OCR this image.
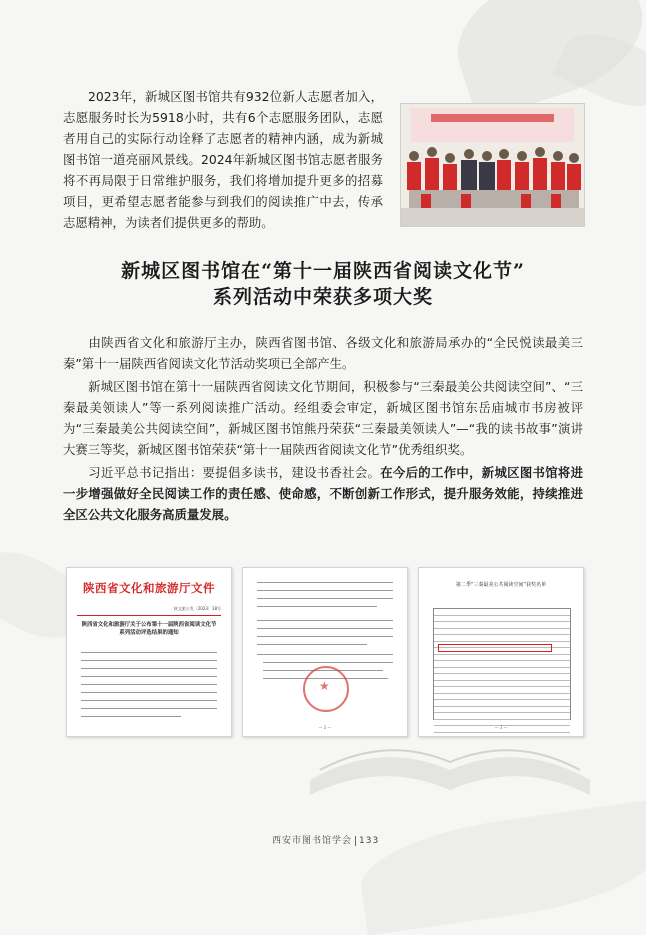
2023年，新城区图书馆共有932位新人志愿者加入，志愿服务时长为5918小时，共有6个志愿服务团队，志愿者用自己的实际行动诠释了志愿者的精神内涵，成为新城图书馆一道亮丽风景线。2024年新城区图书馆志愿者服务将不再局限于日常维护服务，我们将增加提升更多的招募项目，更希望志愿者能参与到我们的阅读推广中去，传承志愿精神，为读者们提供更多的帮助。

新城区图书馆在“第十一届陕西省阅读文化节”
系列活动中荣获多项大奖

由陕西省文化和旅游厅主办，陕西省图书馆、各级文化和旅游局承办的“全民悦读最美三秦”第十一届陕西省阅读文化节活动奖项已全部产生。

新城区图书馆在第十一届陕西省阅读文化节期间，积极参与“三秦最美公共阅读空间”、“三秦最美领读人”等一系列阅读推广活动。经组委会审定，新城区图书馆东岳庙城市书房被评为“三秦最美公共阅读空间”，新城区图书馆熊丹荣获“三秦最美领读人”—“我的读书故事”演讲大赛三等奖，新城区图书馆荣获“第十一届陕西省阅读文化节”优秀组织奖。

习近平总书记指出：要提倡多读书，建设书香社会。在今后的工作中，新城区图书馆将进一步增强做好全民阅读工作的责任感、使命感，不断创新工作形式，提升服务效能，持续推进全区公共文化服务高质量发展。

陕西省文化和旅游厅文件
陕文旅公发〔2023〕18号
陕西省文化和旅游厅关于公布第十一届陕西省阅读文化节系列活动评选结果的通知
★
— 2 —
第二季“三秦最美公共阅读空间”获奖名单
— 3 —
西安市图书馆学会 133
